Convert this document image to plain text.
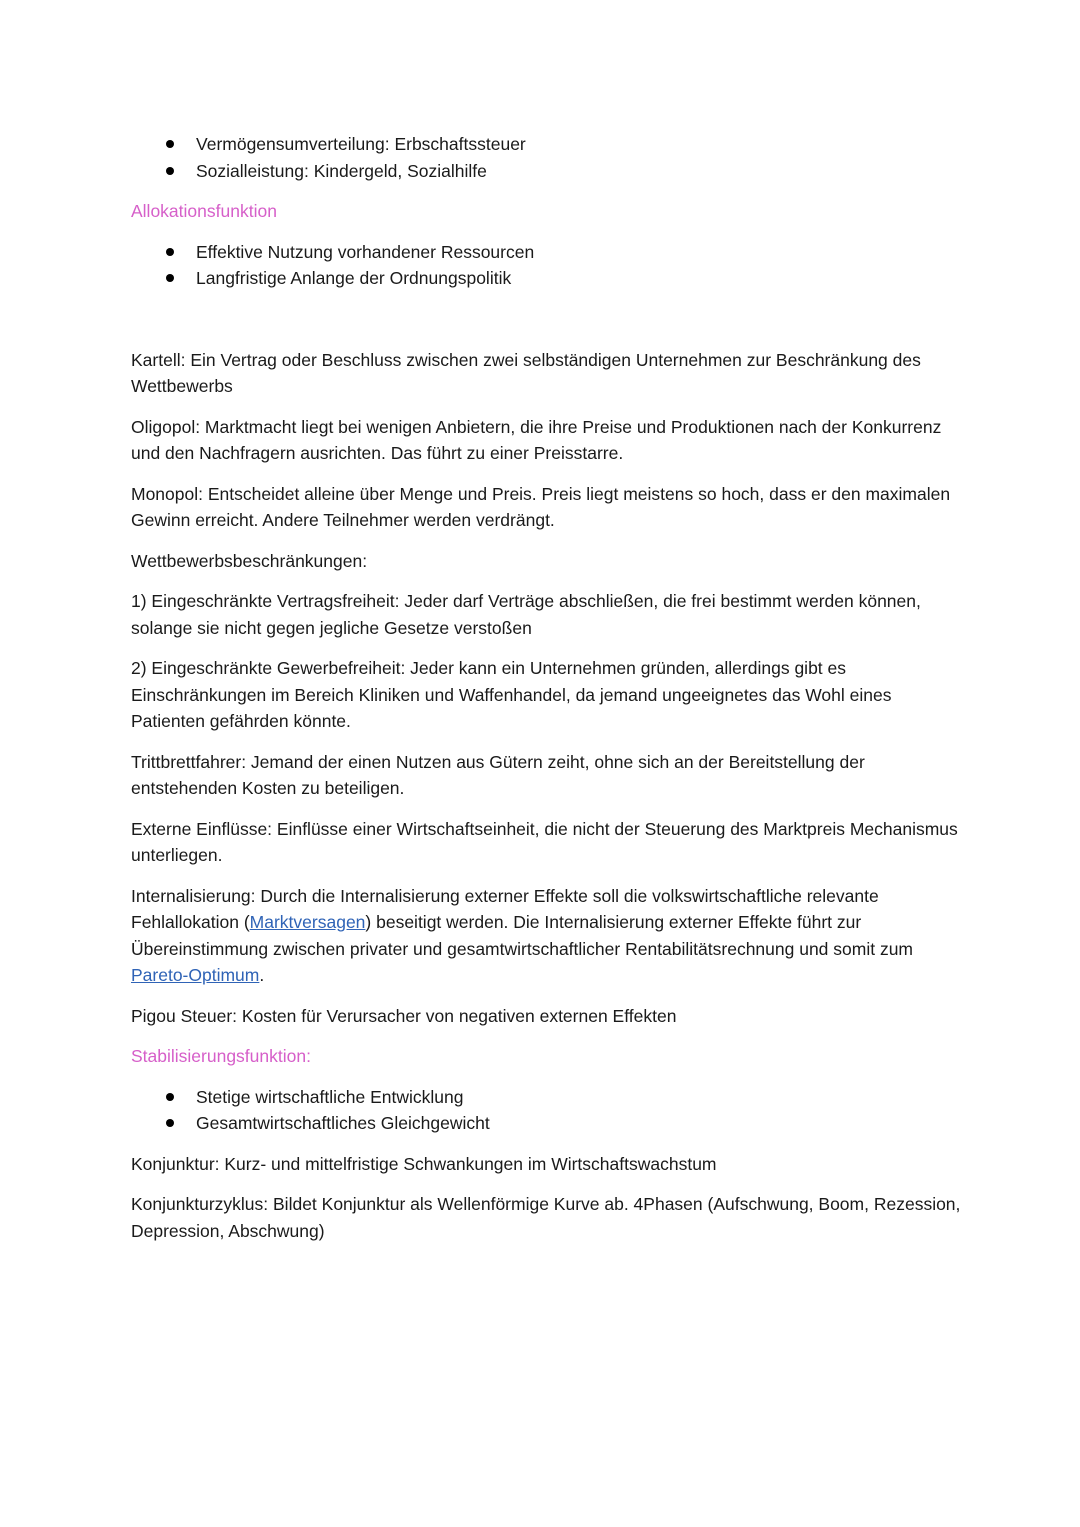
Vermögensumverteilung: Erbschaftssteuer
Sozialleistung: Kindergeld, Sozialhilfe
Allokationsfunktion
Effektive Nutzung vorhandener Ressourcen
Langfristige Anlange der Ordnungspolitik

Kartell: Ein Vertrag oder Beschluss zwischen zwei selbständigen Unternehmen zur Beschränkung des Wettbewerbs

Oligopol: Marktmacht liegt bei wenigen Anbietern, die ihre Preise und Produktionen nach der Konkurrenz und den Nachfragern ausrichten. Das führt zu einer Preisstarre.

Monopol: Entscheidet alleine über Menge und Preis. Preis liegt meistens so hoch, dass er den maximalen Gewinn erreicht. Andere Teilnehmer werden verdrängt.

Wettbewerbsbeschränkungen:

1) Eingeschränkte Vertragsfreiheit: Jeder darf Verträge abschließen, die frei bestimmt werden können, solange sie nicht gegen jegliche Gesetze verstoßen

2) Eingeschränkte Gewerbefreiheit: Jeder kann ein Unternehmen gründen, allerdings gibt es Einschränkungen im Bereich Kliniken und Waffenhandel, da jemand ungeeignetes das Wohl eines Patienten gefährden könnte.

Trittbrettfahrer: Jemand der einen Nutzen aus Gütern zeiht, ohne sich an der Bereitstellung der entstehenden Kosten zu beteiligen.

Externe Einflüsse: Einflüsse einer Wirtschaftseinheit, die nicht der Steuerung des Marktpreis Mechanismus unterliegen.

Internalisierung: Durch die Internalisierung externer Effekte soll die volkswirtschaftliche relevante Fehlallokation (Marktversagen) beseitigt werden. Die Internalisierung externer Effekte führt zur Übereinstimmung zwischen privater und gesamtwirtschaftlicher Rentabilitätsrechnung und somit zum Pareto-Optimum.

Pigou Steuer: Kosten für Verursacher von negativen externen Effekten

Stabilisierungsfunktion:
Stetige wirtschaftliche Entwicklung
Gesamtwirtschaftliches Gleichgewicht

Konjunktur: Kurz- und mittelfristige Schwankungen im Wirtschaftswachstum

Konjunkturzyklus: Bildet Konjunktur als Wellenförmige Kurve ab. 4Phasen (Aufschwung, Boom, Rezession, Depression, Abschwung)
